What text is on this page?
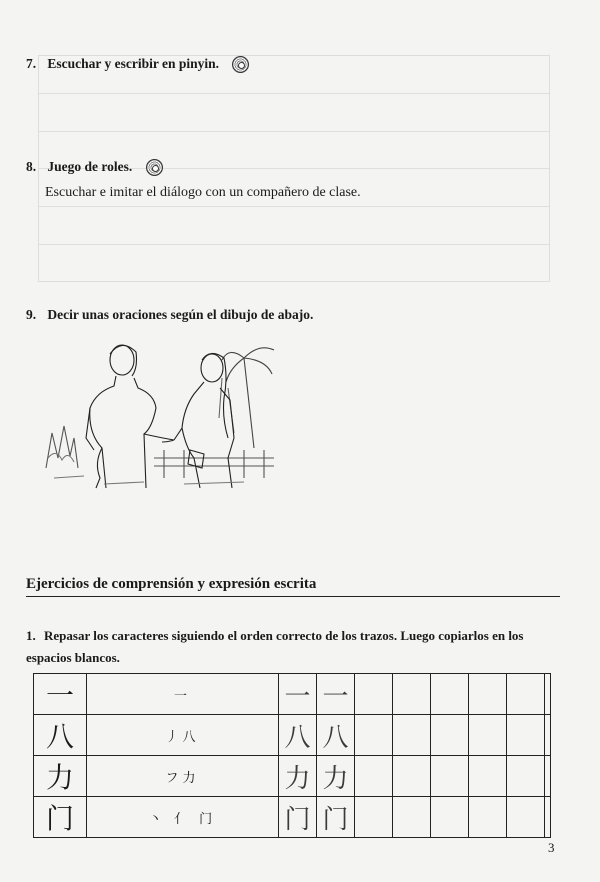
7. Escuchar y escribir en pinyin.
8. Juego de roles.
Escuchar e imitar el diálogo con un compañero de clase.
9. Decir unas oraciones según el dibujo de abajo.
Ejercicios de comprensión y expresión escrita
1. Repasar los caracteres siguiendo el orden correcto de los trazos. Luego copiarlos en los espacios blancos.
一	一	一	一						
八	丿八	八	八						
力	フ力	力	力						
门	丶 亻 门	门	门						
3
